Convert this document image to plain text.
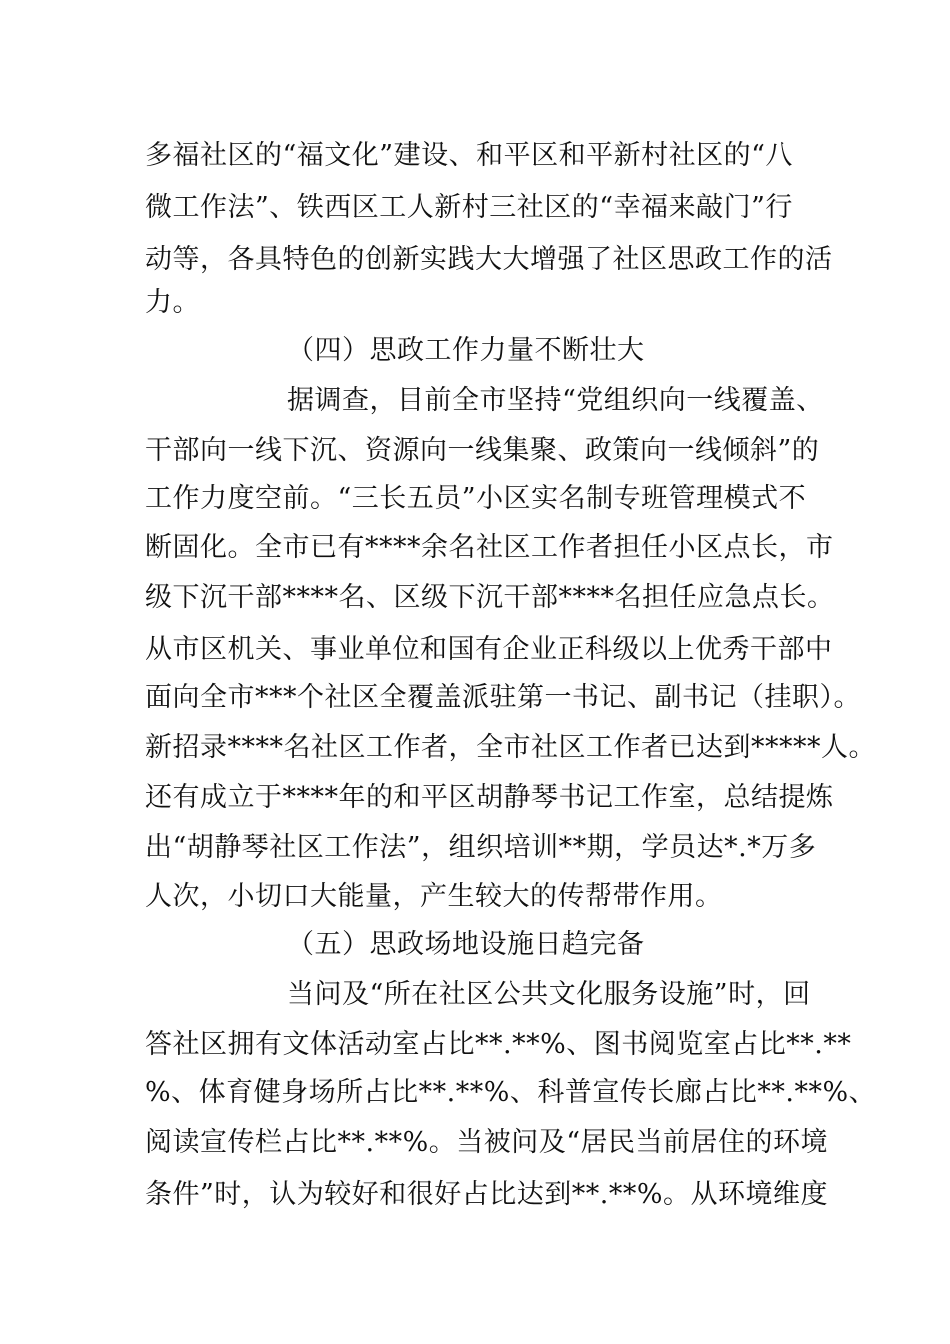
多福社区的“福文化”建设、和平区和平新村社区的“八
微工作法”、铁西区工人新村三社区的“幸福来敲门”行
动等，各具特色的创新实践大大增强了社区思政工作的活
力。
（四）思政工作力量不断壮大
据调查，目前全市坚持“党组织向一线覆盖、
干部向一线下沉、资源向一线集聚、政策向一线倾斜”的
工作力度空前。“三长五员”小区实名制专班管理模式不
断固化。全市已有****余名社区工作者担任小区点长，市
级下沉干部****名、区级下沉干部****名担任应急点长。
从市区机关、事业单位和国有企业正科级以上优秀干部中
面向全市***个社区全覆盖派驻第一书记、副书记（挂职）。
新招录****名社区工作者，全市社区工作者已达到*****人。
还有成立于****年的和平区胡静琴书记工作室，总结提炼
出“胡静琴社区工作法”，组织培训**期，学员达*.*万多
人次，小切口大能量，产生较大的传帮带作用。
（五）思政场地设施日趋完备
当问及“所在社区公共文化服务设施”时，回
答社区拥有文体活动室占比**.**%、图书阅览室占比**.**
%、体育健身场所占比**.**%、科普宣传长廊占比**.**%、
阅读宣传栏占比**.**%。当被问及“居民当前居住的环境
条件”时，认为较好和很好占比达到**.**%。从环境维度
